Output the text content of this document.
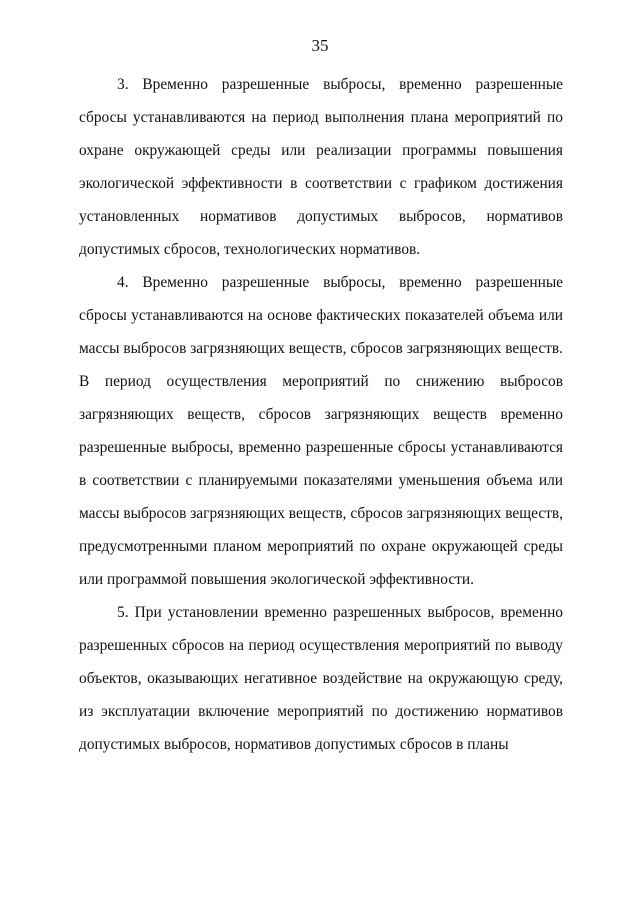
35

3. Временно разрешенные выбросы, временно разрешенные сбросы устанавливаются на период выполнения плана мероприятий по охране окружающей среды или реализации программы повышения экологической эффективности в соответствии с графиком достижения установленных нормативов допустимых выбросов, нормативов допустимых сбросов, технологических нормативов.

4. Временно разрешенные выбросы, временно разрешенные сбросы устанавливаются на основе фактических показателей объема или массы выбросов загрязняющих веществ, сбросов загрязняющих веществ. В период осуществления мероприятий по снижению выбросов загрязняющих веществ, сбросов загрязняющих веществ временно разрешенные выбросы, временно разрешенные сбросы устанавливаются в соответствии с планируемыми показателями уменьшения объема или массы выбросов загрязняющих веществ, сбросов загрязняющих веществ, предусмотренными планом мероприятий по охране окружающей среды или программой повышения экологической эффективности.

5. При установлении временно разрешенных выбросов, временно разрешенных сбросов на период осуществления мероприятий по выводу объектов, оказывающих негативное воздействие на окружающую среду, из эксплуатации включение мероприятий по достижению нормативов допустимых выбросов, нормативов допустимых сбросов в планы
